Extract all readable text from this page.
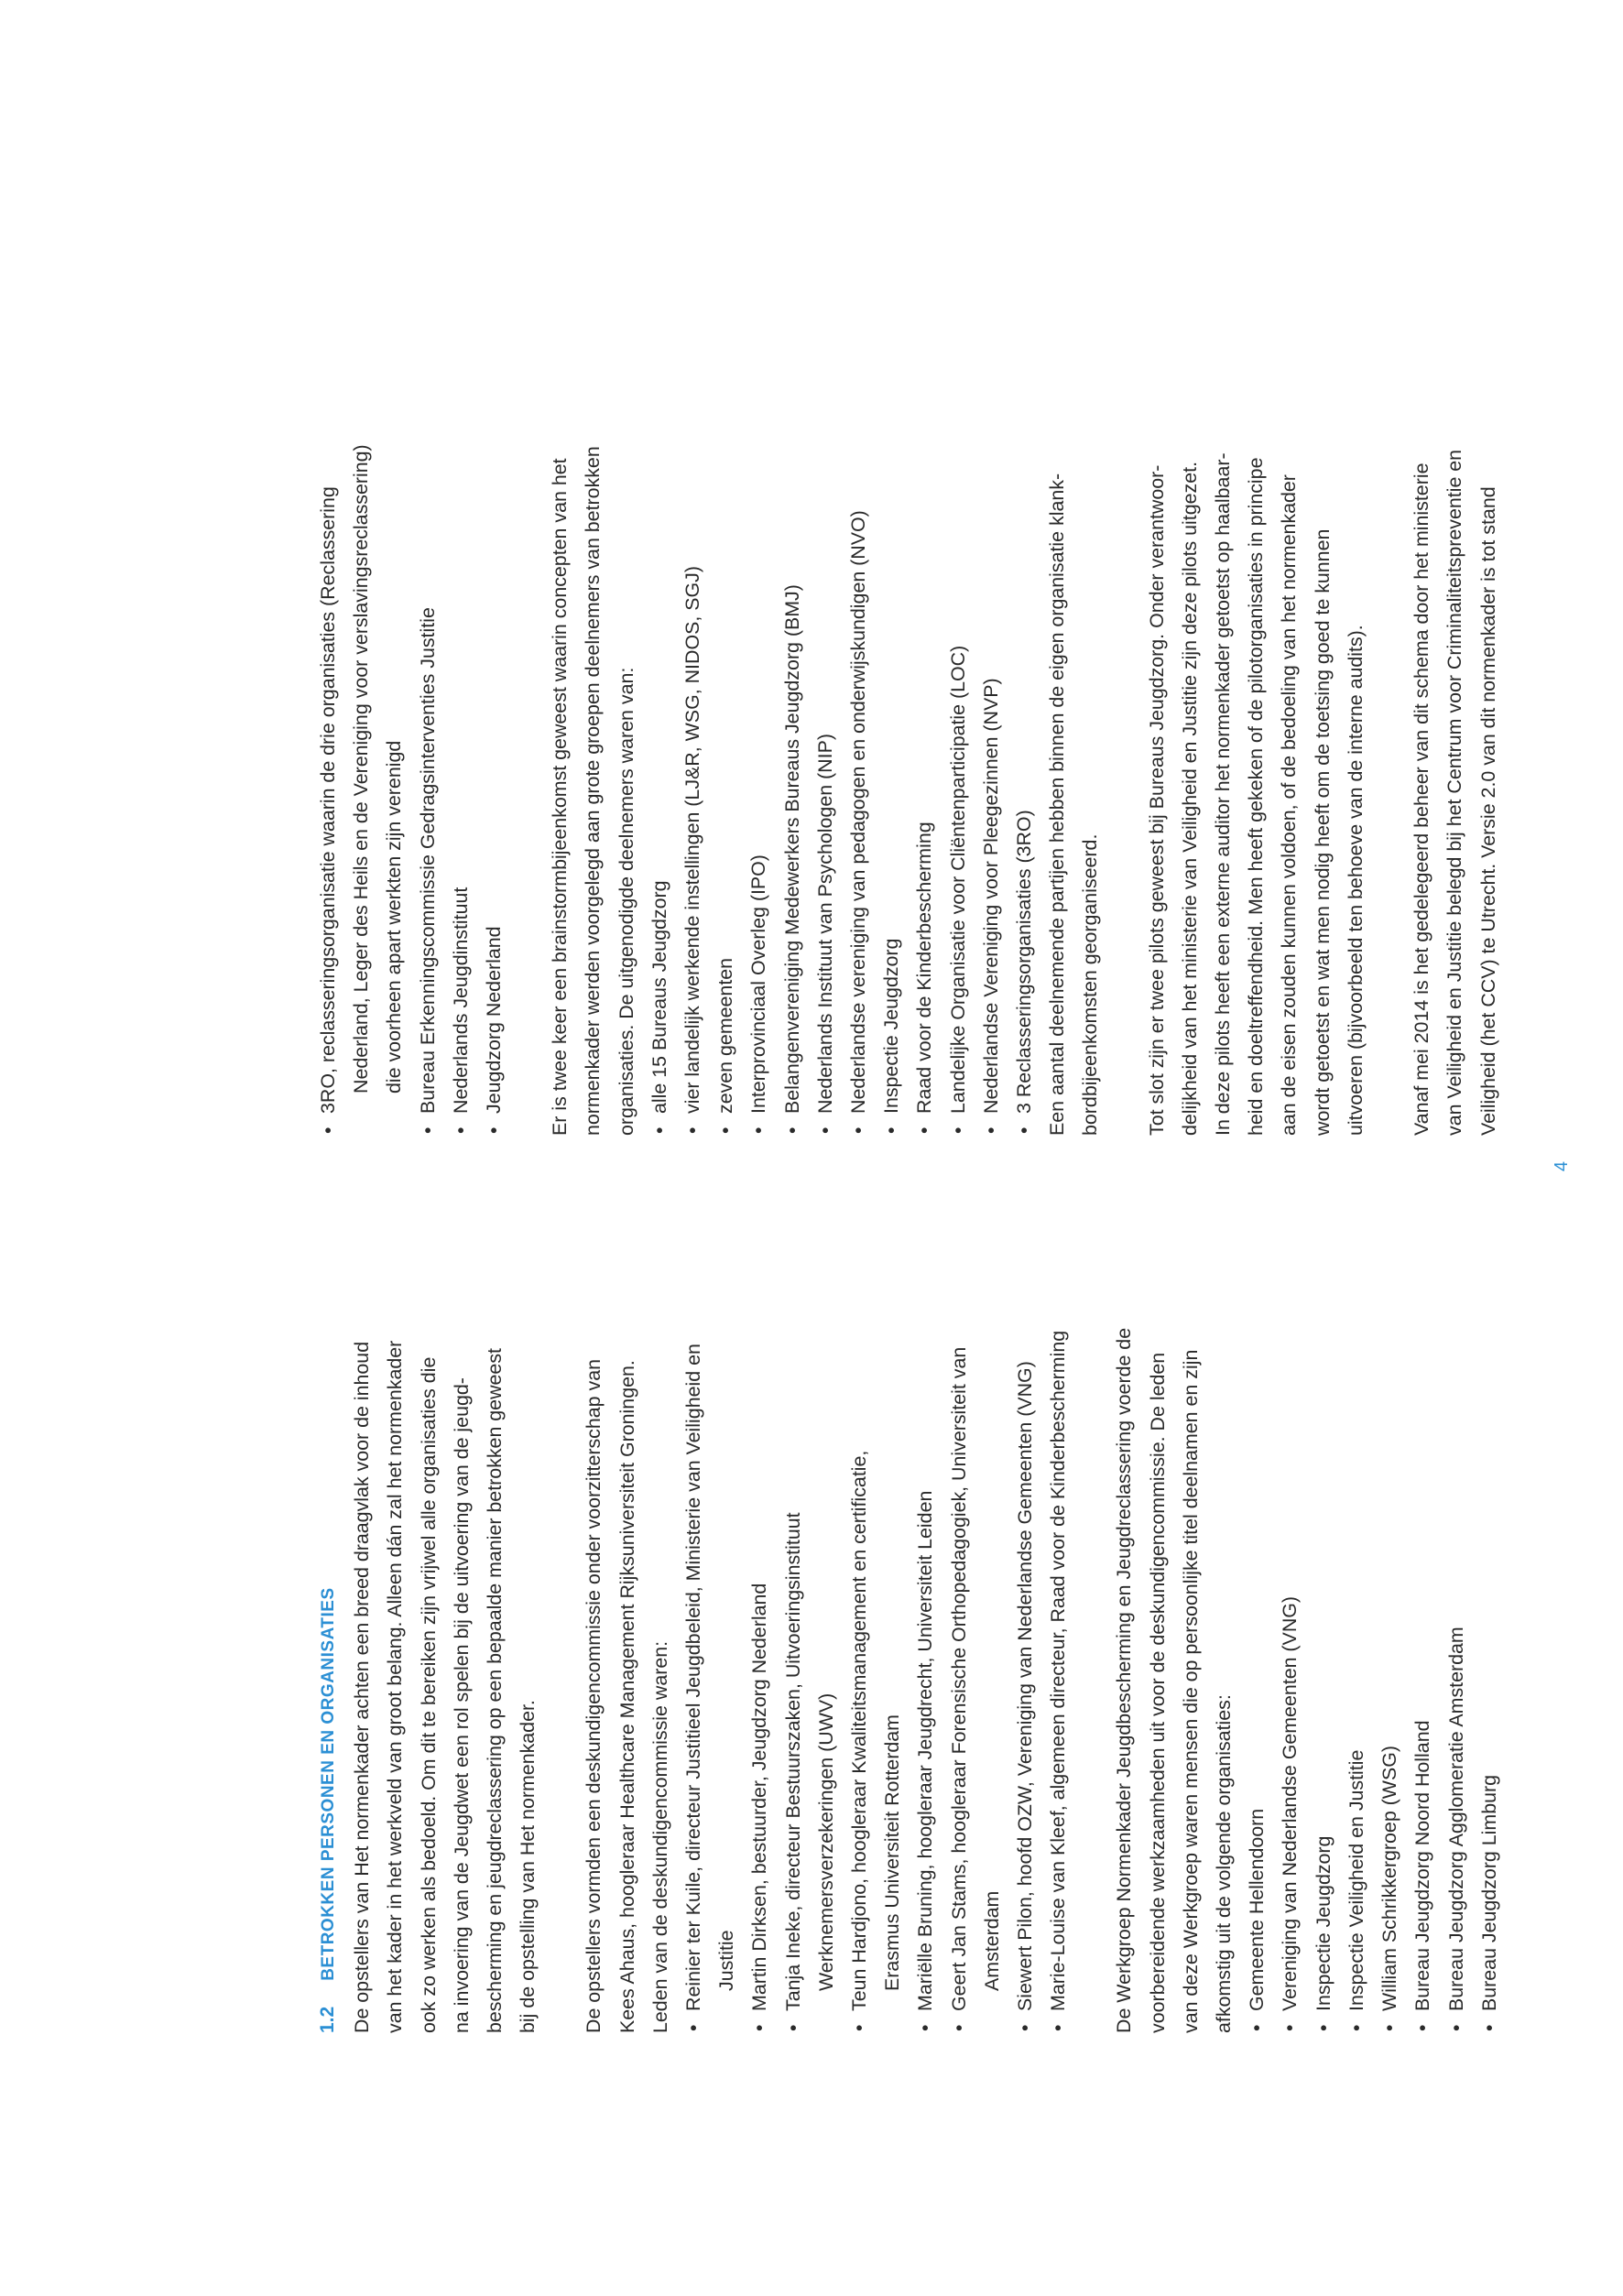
1.2
BETROKKEN PERSONEN EN ORGANISATIES De opstellers van Het normenkader achten een breed draagvlak voor de inhoud van het kader in het werkveld van groot belang. Alleen dán zal het normenkader ook zo werken als bedoeld. Om dit te bereiken zijn vrijwel alle organisaties die na invoering van de Jeugdwet een rol spelen bij de uitvoering van de jeugd- bescherming en jeugdreclassering op een bepaalde manier betrokken geweest bij de opstelling van Het normenkader. De opstellers vormden een deskundigencommissie onder voorzitterschap van Kees Ahaus, hoogleraar Healthcare Management Rijksuniversiteit Groningen. Leden van de deskundigencommissie waren: • Reinier ter Kuile, directeur Justitieel Jeugdbeleid, Ministerie van Veiligheid en Justitie • Martin Dirksen, bestuurder, Jeugdzorg Nederland • Tanja Ineke, directeur Bestuurszaken, Uitvoeringsinstituut Werknemersverzekeringen (UWV) • Teun Hardjono, hoogleraar Kwaliteitsmanagement en certificatie, Erasmus Universiteit Rotterdam • Mariëlle Bruning, hoogleraar Jeugdrecht, Universiteit Leiden • Geert Jan Stams, hoogleraar Forensische Orthopedagogiek, Universiteit van Amsterdam • Siewert Pilon, hoofd OZW, Vereniging van Nederlandse Gemeenten (VNG) • Marie-Louise van Kleef, algemeen directeur, Raad voor de Kinderbescherming De Werkgroep Normenkader Jeugdbescherming en Jeugdreclassering voerde de voorbereidende werkzaamheden uit voor de deskundigencommissie. De leden van deze Werkgroep waren mensen die op persoonlijke titel deelnamen en zijn afkomstig uit de volgende organisaties: • Gemeente Hellendoorn • Vereniging van Nederlandse Gemeenten (VNG) • Inspectie Jeugdzorg • Inspectie Veiligheid en Justitie • William Schrikkergroep (WSG) • Bureau Jeugdzorg Noord Holland • Bureau Jeugdzorg Agglomeratie Amsterdam • Bureau Jeugdzorg Limburg
• 3RO, reclasseringsorganisatie waarin de drie organisaties (Reclassering Nederland, Leger des Heils en de Vereniging voor verslavingsreclassering) die voorheen apart werkten zijn verenigd • Bureau Erkenningscommissie Gedragsinterventies Justitie • Nederlands Jeugdinstituut • Jeugdzorg Nederland Er is twee keer een brainstormbijeenkomst geweest waarin concepten van het normenkader werden voorgelegd aan grote groepen deelnemers van betrokken organisaties. De uitgenodigde deelnemers waren van: • alle 15 Bureaus Jeugdzorg • vier landelijk werkende instellingen (LJ&R, WSG, NIDOS, SGJ) • zeven gemeenten • Interprovinciaal Overleg (IPO) • Belangenvereniging Medewerkers Bureaus Jeugdzorg (BMJ) • Nederlands Instituut van Psychologen (NIP) • Nederlandse vereniging van pedagogen en onderwijskundigen (NVO) • Inspectie Jeugdzorg • Raad voor de Kinderbescherming • Landelijke Organisatie voor Cliëntenparticipatie (LOC) • Nederlandse Vereniging voor Pleegezinnen (NVP) • 3 Reclasseringsorganisaties (3RO) Een aantal deelnemende partijen hebben binnen de eigen organisatie klank- bordbijeenkomsten georganiseerd. Tot slot zijn er twee pilots geweest bij Bureaus Jeugdzorg. Onder verantwoor- delijkheid van het ministerie van Veiligheid en Justitie zijn deze pilots uitgezet. In deze pilots heeft een externe auditor het normenkader getoetst op haalbaar- heid en doeltreffendheid. Men heeft gekeken of de pilotorganisaties in principe aan de eisen zouden kunnen voldoen, of de bedoeling van het normenkader wordt getoetst en wat men nodig heeft om de toetsing goed te kunnen uitvoeren (bijvoorbeeld ten behoeve van de interne audits). Vanaf mei 2014 is het gedelegeerd beheer van dit schema door het ministerie van Veiligheid en Justitie belegd bij het Centrum voor Criminaliteitspreventie en Veiligheid (het CCV) te Utrecht. Versie 2.0 van dit normenkader is tot stand

4
